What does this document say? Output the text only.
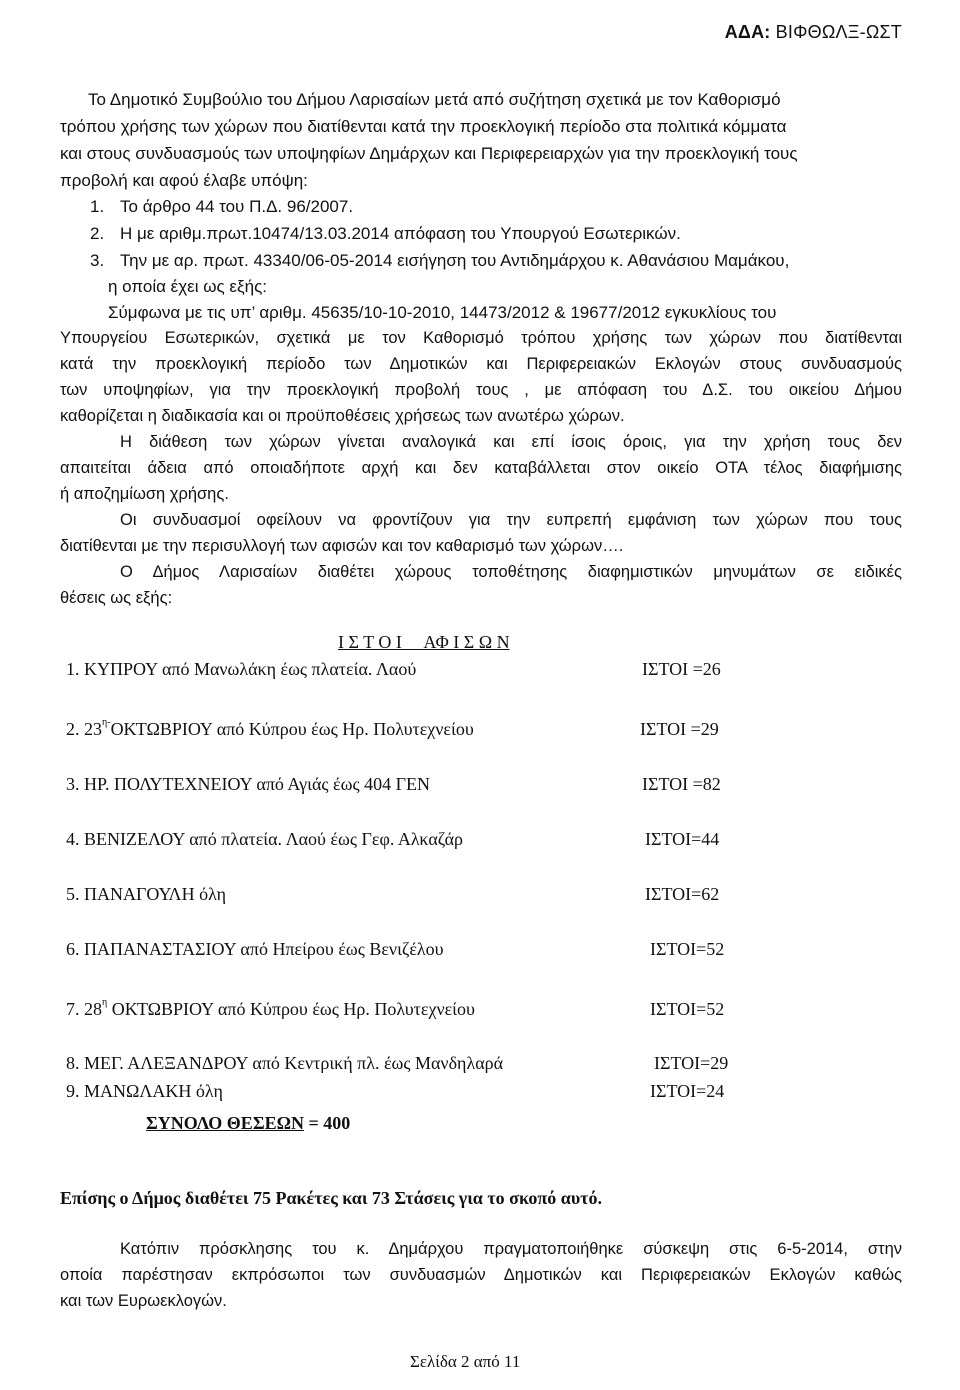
ΑΔΑ: ΒΙΦΘΩΛΞ-ΩΣΤ
Το Δημοτικό Συμβούλιο του Δήμου Λαρισαίων μετά από συζήτηση σχετικά με τον Καθορισμό
τρόπου χρήσης των χώρων που διατίθενται κατά την προεκλογική περίοδο στα πολιτικά κόμματα
και στους συνδυασμούς των υποψηφίων Δημάρχων και Περιφερειαρχών για την προεκλογική τους
προβολή και αφού έλαβε υπόψη:
1. Το άρθρο 44 του Π.Δ. 96/2007.
2. Η με αριθμ.πρωτ.10474/13.03.2014 απόφαση του Υπουργού Εσωτερικών.
3. Την με αρ. πρωτ. 43340/06-05-2014 εισήγηση του Αντιδημάρχου κ. Αθανάσιου Μαμάκου,
η οποία έχει ως εξής:
Σύμφωνα με τις υπ’ αριθμ. 45635/10-10-2010, 14473/2012 & 19677/2012 εγκυκλίους του
Υπουργείου Εσωτερικών, σχετικά με τον Καθορισμό τρόπου χρήσης των χώρων που διατίθενται
κατά την προεκλογική περίοδο των Δημοτικών και Περιφερειακών Εκλογών στους συνδυασμούς
των υποψηφίων, για την προεκλογική προβολή τους , με απόφαση του Δ.Σ. του οικείου Δήμου
καθορίζεται η διαδικασία και οι προϋποθέσεις χρήσεως των ανωτέρω χώρων.
Η διάθεση των χώρων γίνεται αναλογικά και επί ίσοις όροις, για την χρήση τους δεν
απαιτείται άδεια από οποιαδήποτε αρχή και δεν καταβάλλεται στον οικείο ΟΤΑ τέλος διαφήμισης
ή αποζημίωση χρήσης.
Οι συνδυασμοί οφείλουν να φροντίζουν για την ευπρεπή εμφάνιση των χώρων που τους
διατίθενται με την περισυλλογή των αφισών και τον καθαρισμό των χώρων….
Ο Δήμος Λαρισαίων διαθέτει χώρους τοποθέτησης διαφημιστικών μηνυμάτων σε ειδικές
θέσεις ως εξής:
Ι Σ Τ Ο Ι     ΑΦ Ι Σ Ω Ν
1. ΚΥΠΡΟΥ από Μανωλάκη έως πλατεία. Λαού	ΙΣΤΟΙ =26
2. $23^{\eta-}OKT\Omega BPIO\Upsilon$ από Κύπρου έως Ηρ. Πολυτεχνείου	ΙΣΤΟΙ =29
3. ΗΡ. ΠΟΛΥΤΕΧΝΕΙΟΥ από Αγιάς έως 404 ΓΕΝ	ΙΣΤΟΙ =82
4. ΒΕΝΙΖΕΛΟΥ από πλατεία. Λαού έως Γεφ. Αλκαζάρ	ΙΣΤΟΙ=44
5. ΠΑΝΑΓΟΥΛΗ όλη	ΙΣΤΟΙ=62
6. ΠΑΠΑΝΑΣΤΑΣΙΟΥ από Ηπείρου έως Βενιζέλου	ΙΣΤΟΙ=52
7. $28^\eta$ ΟΚΤΩΒΡΙΟΥ από Κύπρου έως Ηρ. Πολυτεχνείου	ΙΣΤΟΙ=52
8. ΜΕΓ. ΑΛΕΞΑΝΔΡΟΥ από Κεντρική πλ. έως Μανδηλαρά	ΙΣΤΟΙ=29
9. ΜΑΝΩΛΑΚΗ όλη	ΙΣΤΟΙ=24
ΣΥΝΟΛΟ ΘΕΣΕΩΝ = 400
Επίσης ο Δήμος διαθέτει 75 Ρακέτες και 73 Στάσεις για το σκοπό αυτό.
Κατόπιν πρόσκλησης του κ. Δημάρχου πραγματοποιήθηκε σύσκεψη στις 6-5-2014, στην
οποία παρέστησαν εκπρόσωποι των συνδυασμών Δημοτικών και Περιφερειακών Εκλογών καθώς
και των Ευρωεκλογών.
Σελίδα 2 από 11
